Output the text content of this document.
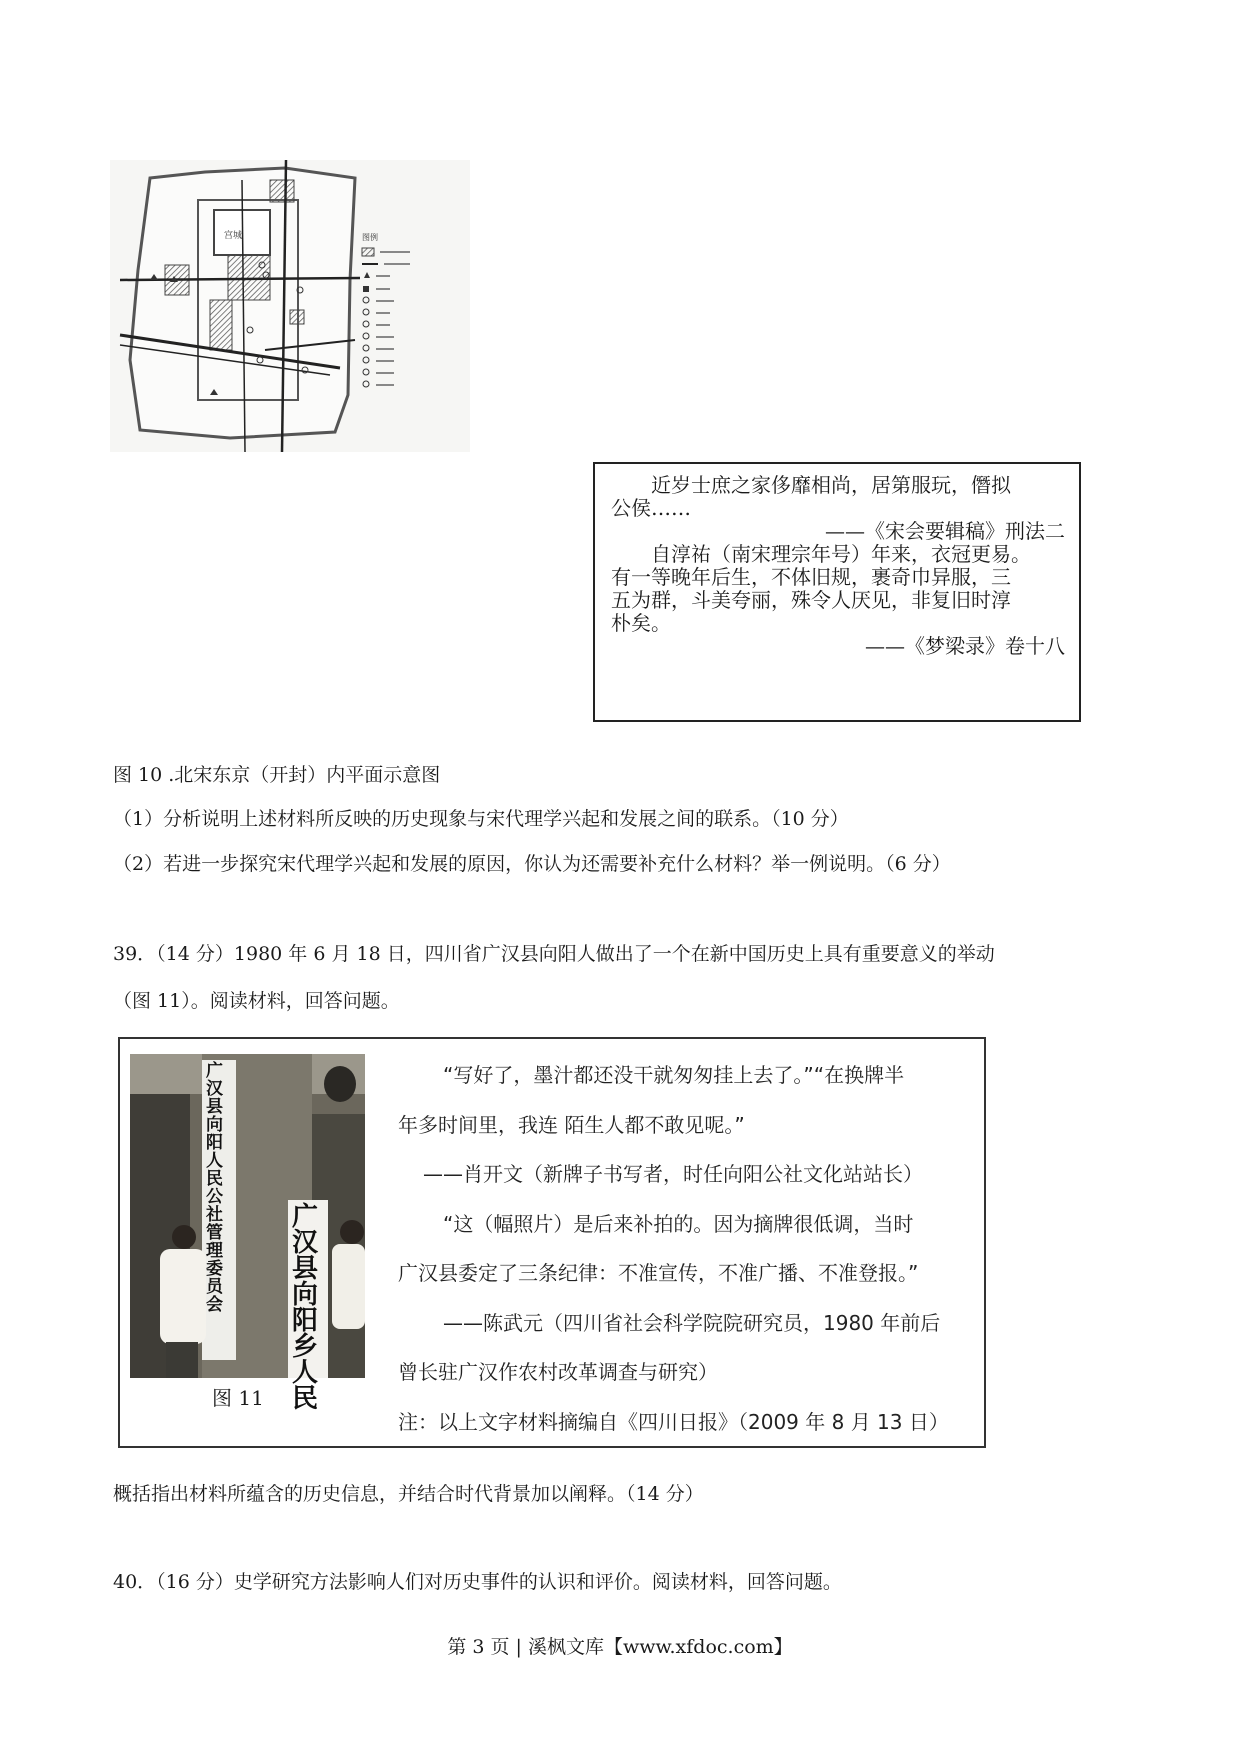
宫城	图例

近岁士庶之家侈靡相尚，居第服玩，僭拟

公侯……

——《宋会要辑稿》刑法二

自淳祐（南宋理宗年号）年来，衣冠更易。

有一等晚年后生，不体旧规，裹奇巾异服，三

五为群，斗美夸丽，殊令人厌见，非复旧时淳

朴矣。

——《梦梁录》卷十八

图 10 .北宋东京（开封）内平面示意图
（1）分析说明上述材料所反映的历史现象与宋代理学兴起和发展之间的联系。（10 分）
（2）若进一步探究宋代理学兴起和发展的原因，你认为还需要补充什么材料？举一例说明。（6 分）
39．（14 分）1980 年 6 月 18 日，四川省广汉县向阳人做出了一个在新中国历史上具有重要意义的举动
（图 11）。阅读材料，回答问题。
广汉县向阳人民公社管理委员会
广汉县向阳乡人民
图 11

“写好了，墨汁都还没干就匆匆挂上去了。”“在换牌半

年多时间里，我连 陌生人都不敢见呢。”

——肖开文（新牌子书写者，时任向阳公社文化站站长）

“这（幅照片）是后来补拍的。因为摘牌很低调，当时

广汉县委定了三条纪律：不准宣传，不准广播、不准登报。”

——陈武元（四川省社会科学院院研究员，1980 年前后

曾长驻广汉作农村改革调查与研究）

注：以上文字材料摘编自《四川日报》（2009 年 8 月 13 日）

概括指出材料所蕴含的历史信息，并结合时代背景加以阐释。（14 分）
40．（16 分）史学研究方法影响人们对历史事件的认识和评价。阅读材料，回答问题。
第 3 页 | 溪枫文库【www.xfdoc.com】
